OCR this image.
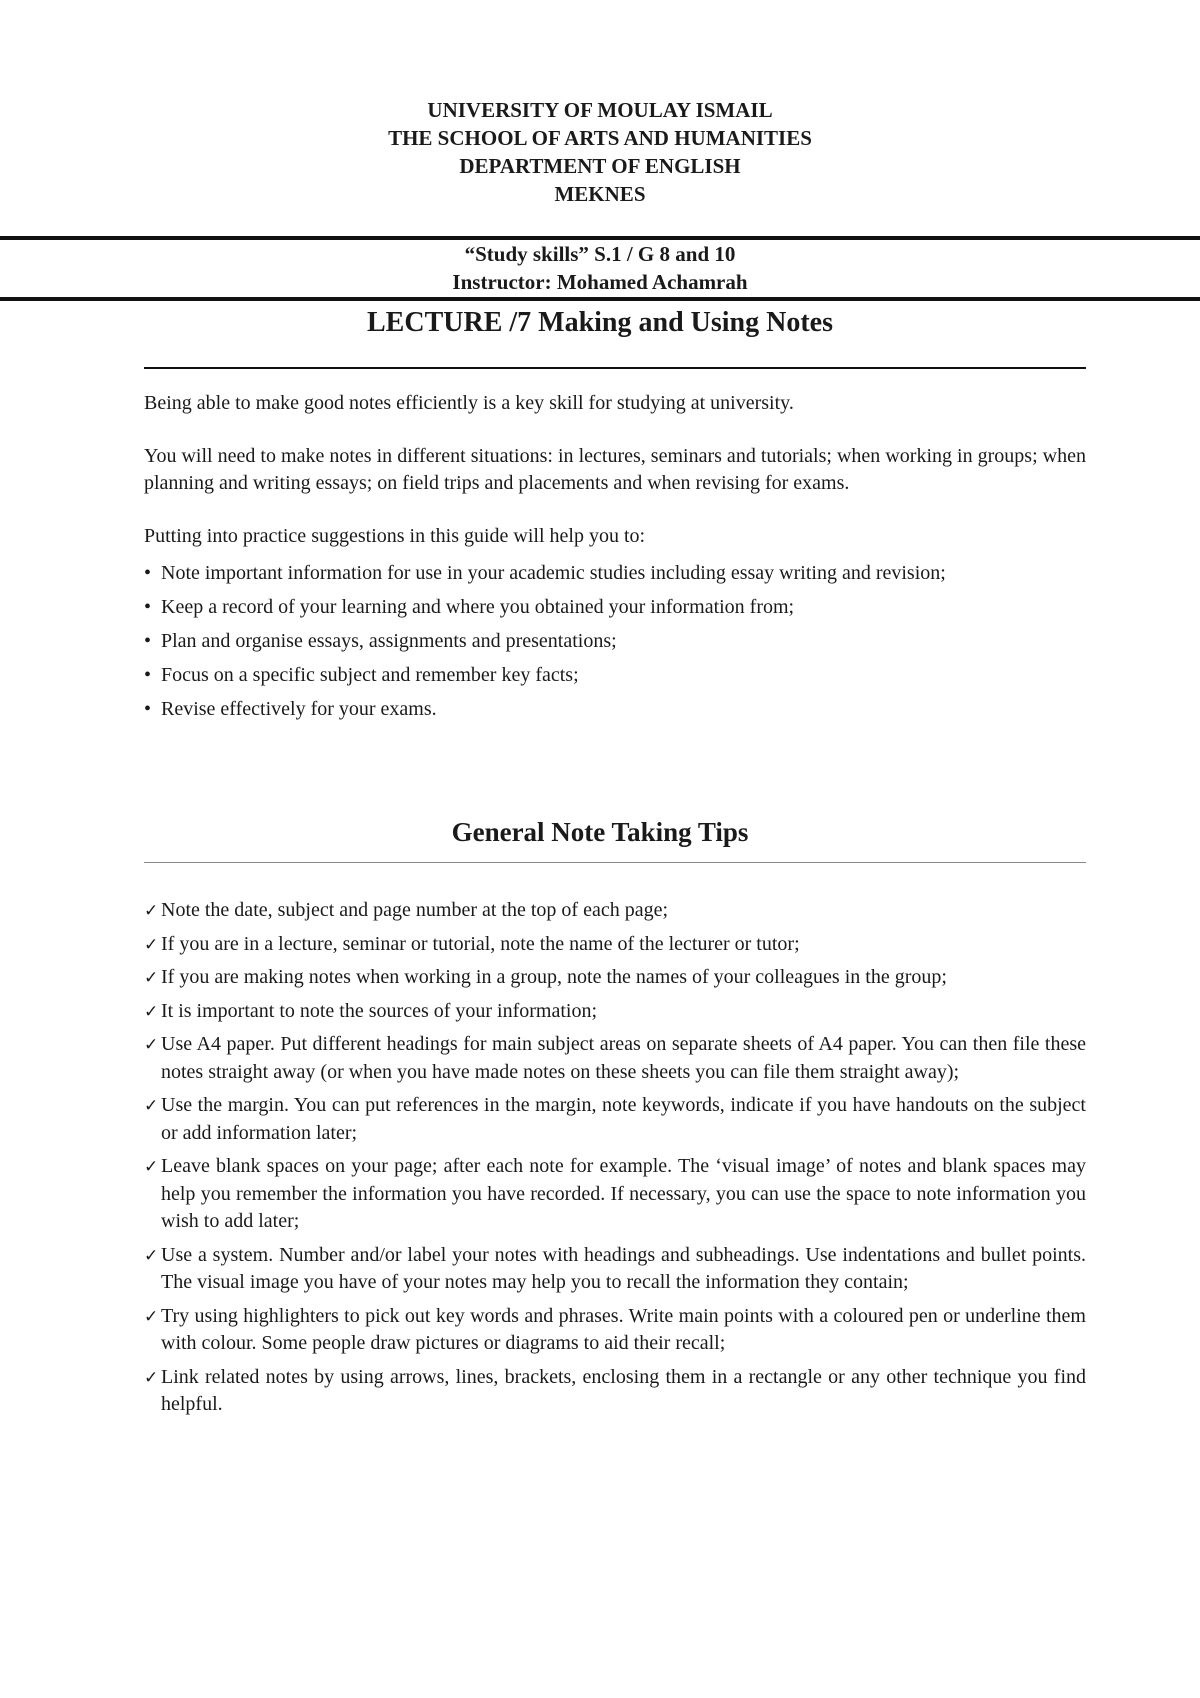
UNIVERSITY OF MOULAY ISMAIL
THE SCHOOL OF ARTS AND HUMANITIES
DEPARTMENT OF ENGLISH
MEKNES
“Study skills” S.1 / G 8 and 10
Instructor: Mohamed Achamrah
LECTURE /7 Making and Using Notes

Being able to make good notes efficiently is a key skill for studying at university.

You will need to make notes in different situations: in lectures, seminars and tutorials; when working in groups; when planning and writing essays; on field trips and placements and when revising for exams.

Putting into practice suggestions in this guide will help you to:

• Note important information for use in your academic studies including essay writing and revision;
• Keep a record of your learning and where you obtained your information from;
• Plan and organise essays, assignments and presentations;
• Focus on a specific subject and remember key facts;
• Revise effectively for your exams.
General Note Taking Tips
✓ Note the date, subject and page number at the top of each page;
✓ If you are in a lecture, seminar or tutorial, note the name of the lecturer or tutor;
✓ If you are making notes when working in a group, note the names of your colleagues in the group;
✓ It is important to note the sources of your information;
✓ Use A4 paper. Put different headings for main subject areas on separate sheets of A4 paper. You can then file these notes straight away (or when you have made notes on these sheets you can file them straight away);
✓ Use the margin. You can put references in the margin, note keywords, indicate if you have handouts on the subject or add information later;
✓ Leave blank spaces on your page; after each note for example. The ‘visual image’ of notes and blank spaces may help you remember the information you have recorded. If necessary, you can use the space to note information you wish to add later;
✓ Use a system. Number and/or label your notes with headings and subheadings. Use indentations and bullet points. The visual image you have of your notes may help you to recall the information they contain;
✓ Try using highlighters to pick out key words and phrases. Write main points with a coloured pen or underline them with colour. Some people draw pictures or diagrams to aid their recall;
✓ Link related notes by using arrows, lines, brackets, enclosing them in a rectangle or any other technique you find helpful.
